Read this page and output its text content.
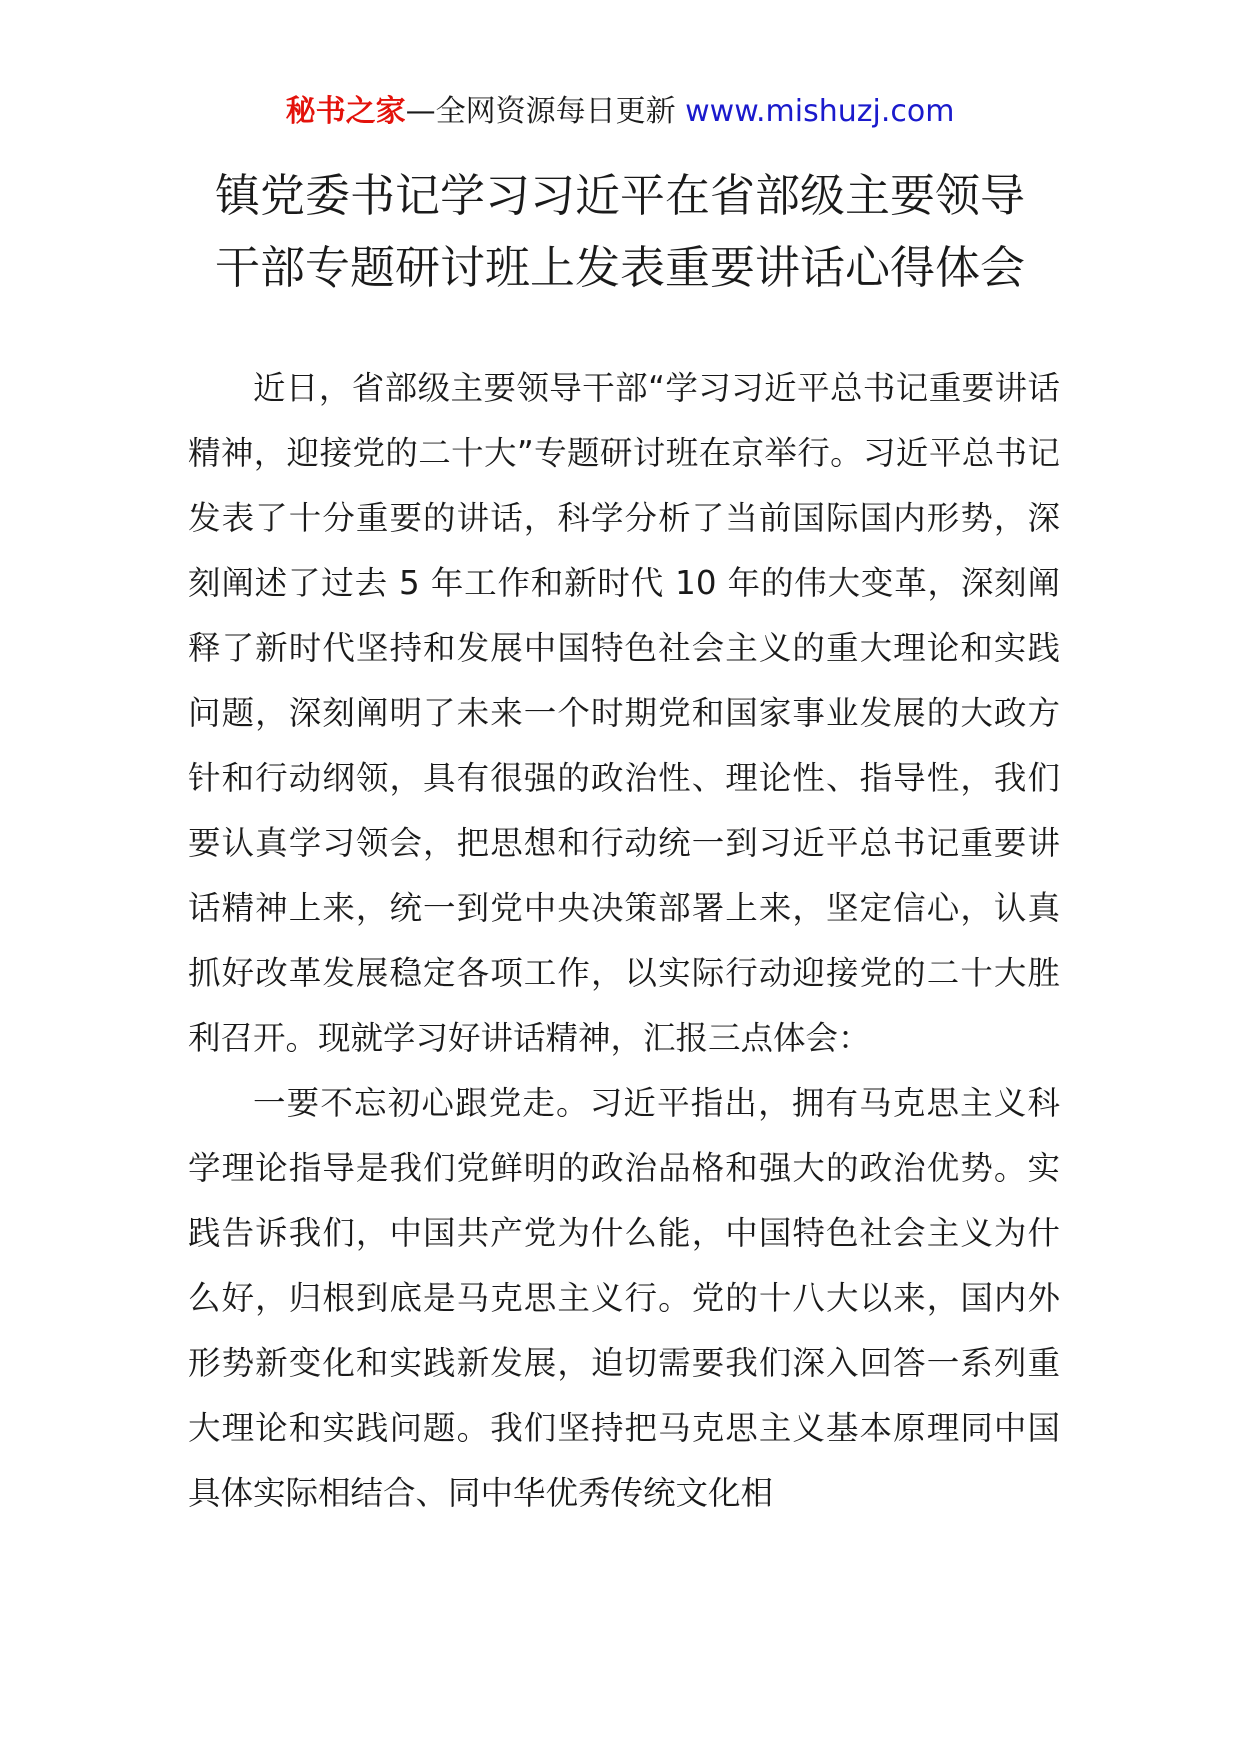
秘书之家—全网资源每日更新 www.mishuzj.com
镇党委书记学习习近平在省部级主要领导
干部专题研讨班上发表重要讲话心得体会

近日，省部级主要领导干部“学习习近平总书记重要讲话精神，迎接党的二十大”专题研讨班在京举行。习近平总书记发表了十分重要的讲话，科学分析了当前国际国内形势，深刻阐述了过去 5 年工作和新时代 10 年的伟大变革，深刻阐释了新时代坚持和发展中国特色社会主义的重大理论和实践问题，深刻阐明了未来一个时期党和国家事业发展的大政方针和行动纲领，具有很强的政治性、理论性、指导性，我们要认真学习领会，把思想和行动统一到习近平总书记重要讲话精神上来，统一到党中央决策部署上来，坚定信心，认真抓好改革发展稳定各项工作，以实际行动迎接党的二十大胜利召开。现就学习好讲话精神，汇报三点体会：

一要不忘初心跟党走。习近平指出，拥有马克思主义科学理论指导是我们党鲜明的政治品格和强大的政治优势。实践告诉我们，中国共产党为什么能，中国特色社会主义为什么好，归根到底是马克思主义行。党的十八大以来，国内外形势新变化和实践新发展，迫切需要我们深入回答一系列重大理论和实践问题。我们坚持把马克思主义基本原理同中国具体实际相结合、同中华优秀传统文化相
